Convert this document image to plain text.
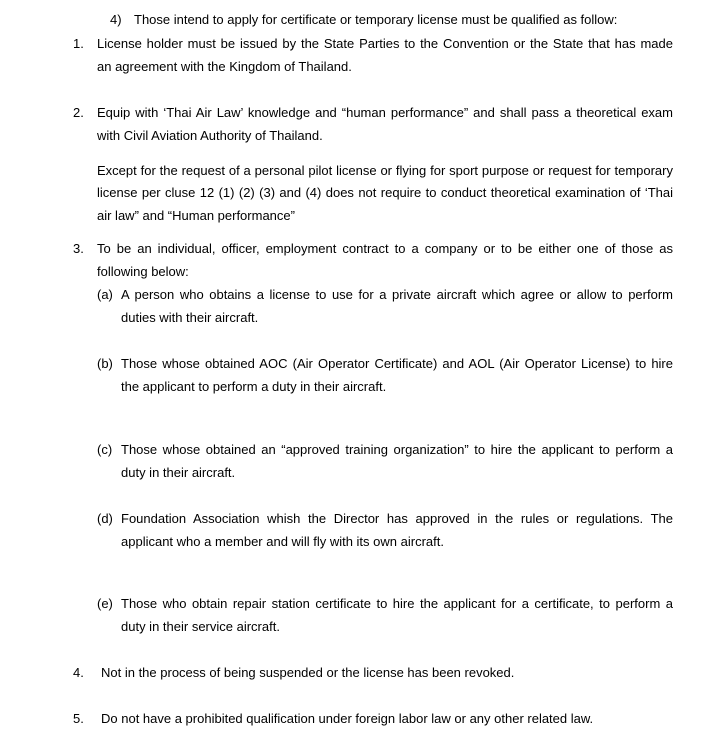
4) Those intend to apply for certificate or temporary license must be qualified as follow:

1. License holder must be issued by the State Parties to the Convention or the State that has made

an agreement with the Kingdom of Thailand.

2. Equip with ‘Thai Air Law’ knowledge and “human performance” and shall pass a theoretical exam

with Civil Aviation Authority of Thailand.

Except for the request of a personal pilot license or flying for sport purpose or request for temporary

license per cluse 12 (1) (2) (3) and (4) does not require to conduct theoretical examination of ‘Thai

air law” and “Human performance”

3. To be an individual, officer, employment contract to a company or to be either one of those as

following below:

(a) A person who obtains a license to use for a private aircraft which agree or allow to perform

duties with their aircraft.

(b) Those whose obtained AOC (Air Operator Certificate) and AOL (Air Operator License) to hire

the applicant to perform a duty in their aircraft.

(c) Those whose obtained an “approved training organization” to hire the applicant to perform a

duty in their aircraft.

(d) Foundation Association whish the Director has approved in the rules or regulations. The

applicant who a member and will fly with its own aircraft.

(e) Those who obtain repair station certificate to hire the applicant for a certificate, to perform a

duty in their service aircraft.

4. Not in the process of being suspended or the license has been revoked.

5. Do not have a prohibited qualification under foreign labor law or any other related law.
